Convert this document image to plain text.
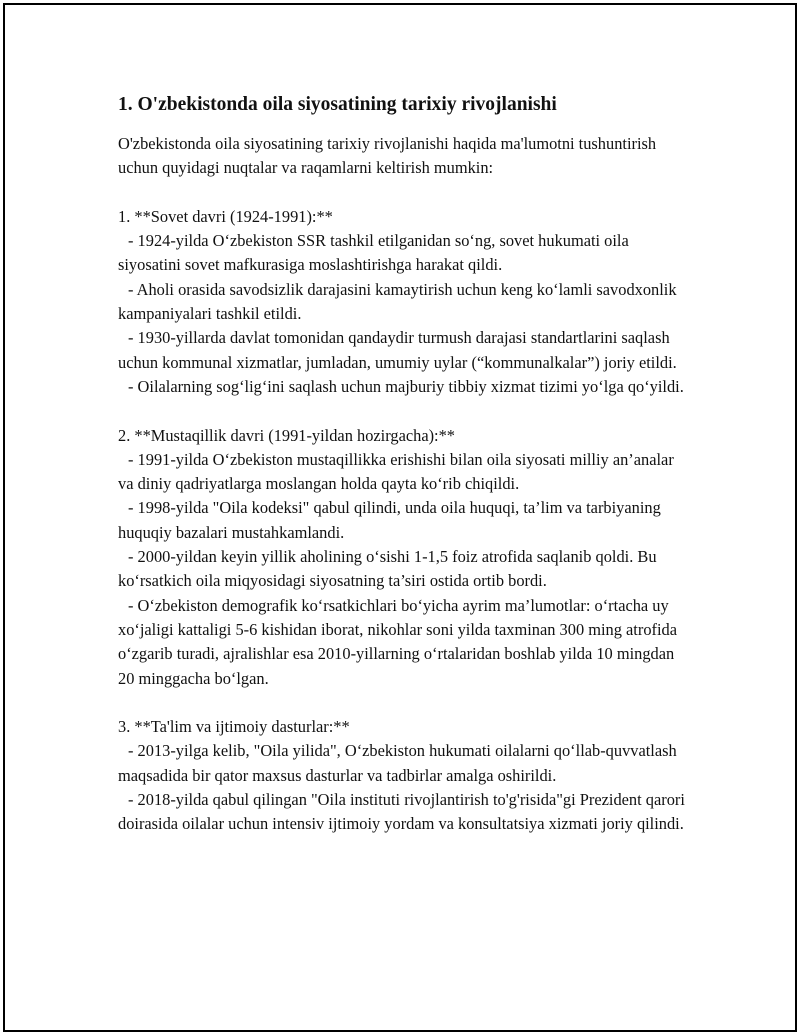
1. O'zbekistonda oila siyosatining tarixiy rivojlanishi

O'zbekistonda oila siyosatining tarixiy rivojlanishi haqida ma'lumotni tushuntirish uchun quyidagi nuqtalar va raqamlarni keltirish mumkin:

1. **Sovet davri (1924-1991):**
- 1924-yilda O‘zbekiston SSR tashkil etilganidan so‘ng, sovet hukumati oila siyosatini sovet mafkurasiga moslashtirishga harakat qildi.
- Aholi orasida savodsizlik darajasini kamaytirish uchun keng ko‘lamli savodxonlik kampaniyalari tashkil etildi.
- 1930-yillarda davlat tomonidan qandaydir turmush darajasi standartlarini saqlash uchun kommunal xizmatlar, jumladan, umumiy uylar (“kommunalkalar”) joriy etildi.
- Oilalarning sog‘lig‘ini saqlash uchun majburiy tibbiy xizmat tizimi yo‘lga qo‘yildi.
2. **Mustaqillik davri (1991-yildan hozirgacha):**
- 1991-yilda O‘zbekiston mustaqillikka erishishi bilan oila siyosati milliy an’analar va diniy qadriyatlarga moslangan holda qayta ko‘rib chiqildi.
- 1998-yilda "Oila kodeksi" qabul qilindi, unda oila huquqi, ta’lim va tarbiyaning huquqiy bazalari mustahkamlandi.
- 2000-yildan keyin yillik aholining o‘sishi 1-1,5 foiz atrofida saqlanib qoldi. Bu ko‘rsatkich oila miqyosidagi siyosatning ta’siri ostida ortib bordi.
- O‘zbekiston demografik ko‘rsatkichlari bo‘yicha ayrim ma’lumotlar: o‘rtacha uy xo‘jaligi kattaligi 5-6 kishidan iborat, nikohlar soni yilda taxminan 300 ming atrofida o‘zgarib turadi, ajralishlar esa 2010-yillarning o‘rtalaridan boshlab yilda 10 mingdan 20 minggacha bo‘lgan.
3. **Ta'lim va ijtimoiy dasturlar:**
- 2013-yilga kelib, "Oila yilida", O‘zbekiston hukumati oilalarni qo‘llab-quvvatlash maqsadida bir qator maxsus dasturlar va tadbirlar amalga oshirildi.
- 2018-yilda qabul qilingan "Oila instituti rivojlantirish to'g'risida"gi Prezident qarori doirasida oilalar uchun intensiv ijtimoiy yordam va konsultatsiya xizmati joriy qilindi.
